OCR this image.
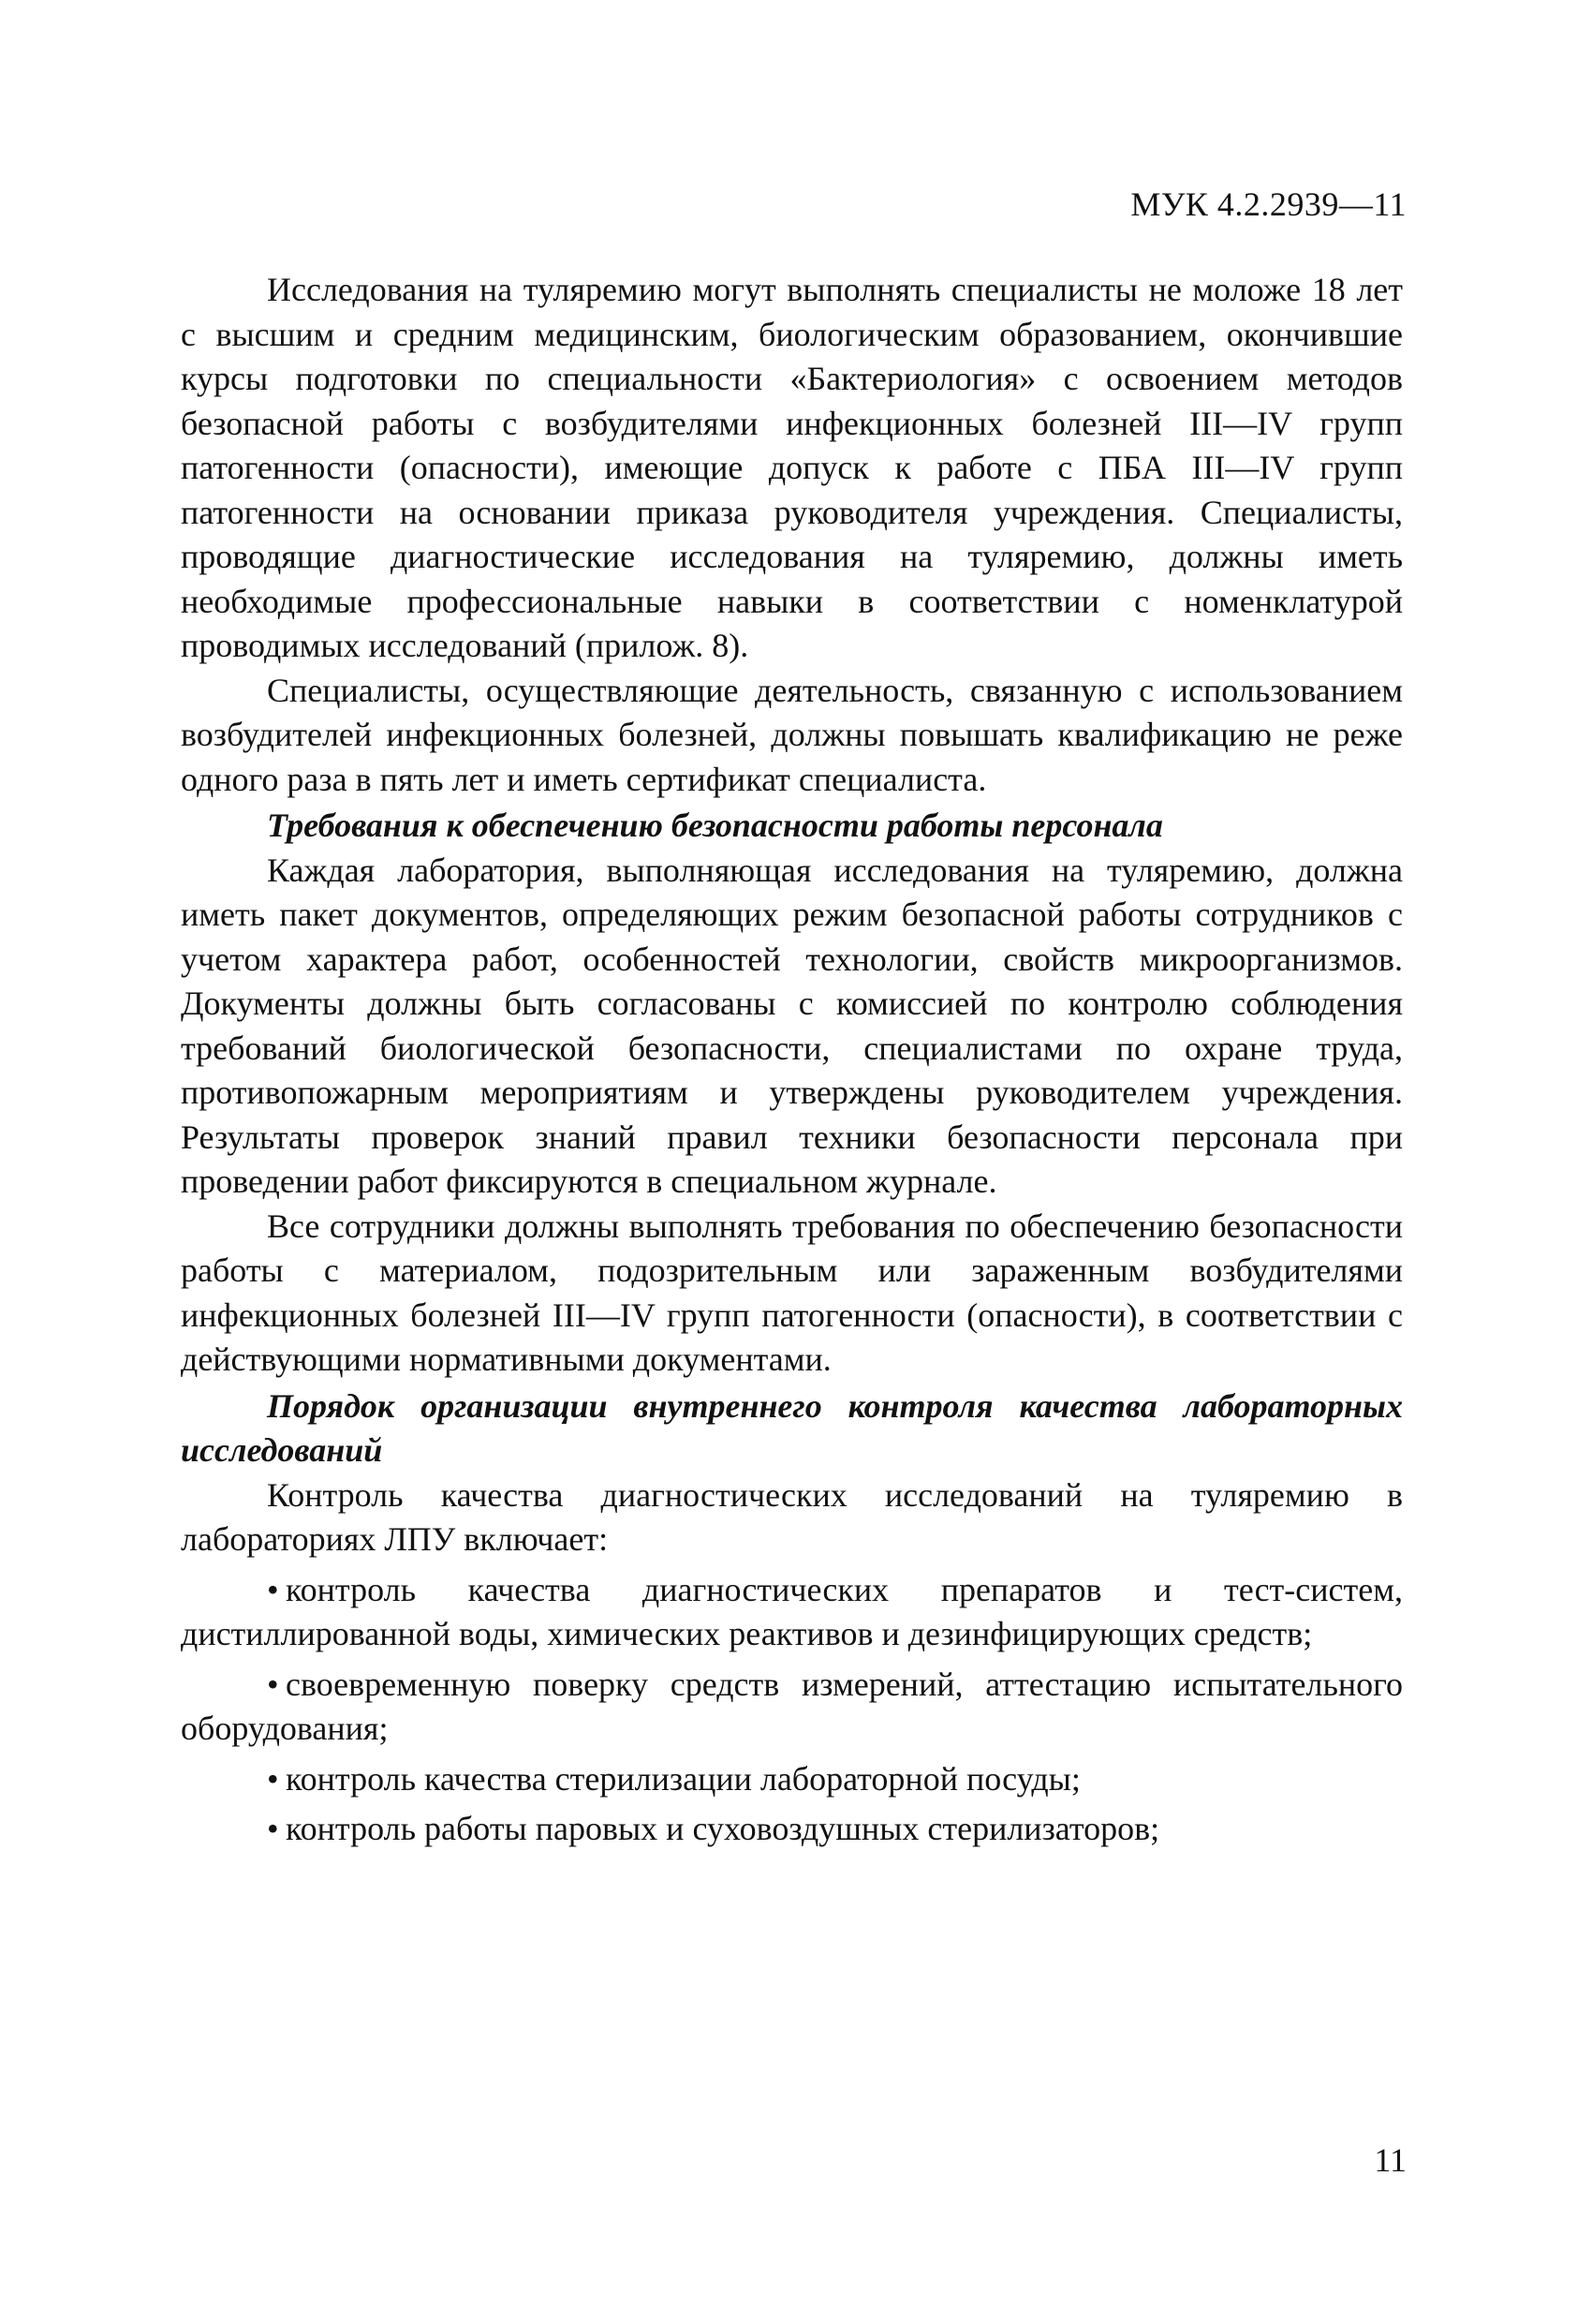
МУК 4.2.2939—11

Исследования на туляремию могут выполнять специалисты не моложе 18 лет с высшим и средним медицинским, биологическим образованием, окончившие курсы подготовки по специальности «Бактериология» с освоением методов безопасной работы с возбудителями инфекционных болезней III—IV групп патогенности (опасности), имеющие допуск к работе с ПБА III—IV групп патогенности на основании приказа руководителя учреждения. Специалисты, проводящие диагностические исследования на туляремию, должны иметь необходимые профессиональные навыки в соответствии с номенклатурой проводимых исследований (прилож. 8).

Специалисты, осуществляющие деятельность, связанную с использованием возбудителей инфекционных болезней, должны повышать квалификацию не реже одного раза в пять лет и иметь сертификат специалиста.

Требования к обеспечению безопасности работы персонала

Каждая лаборатория, выполняющая исследования на туляремию, должна иметь пакет документов, определяющих режим безопасной работы сотрудников с учетом характера работ, особенностей технологии, свойств микроорганизмов. Документы должны быть согласованы с комиссией по контролю соблюдения требований биологической безопасности, специалистами по охране труда, противопожарным мероприятиям и утверждены руководителем учреждения. Результаты проверок знаний правил техники безопасности персонала при проведении работ фиксируются в специальном журнале.

Все сотрудники должны выполнять требования по обеспечению безопасности работы с материалом, подозрительным или зараженным возбудителями инфекционных болезней III—IV групп патогенности (опасности), в соответствии с действующими нормативными документами.

Порядок организации внутреннего контроля качества лабораторных исследований

Контроль качества диагностических исследований на туляремию в лабораториях ЛПУ включает:

• контроль качества диагностических препаратов и тест-систем, дистиллированной воды, химических реактивов и дезинфицирующих средств;
• своевременную поверку средств измерений, аттестацию испытательного оборудования;
• контроль качества стерилизации лабораторной посуды;
• контроль работы паровых и суховоздушных стерилизаторов;
11
